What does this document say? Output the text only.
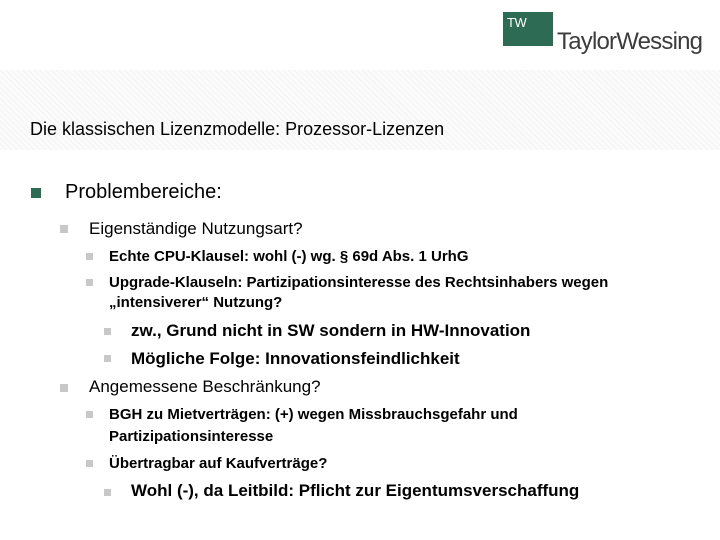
TW
TaylorWessing
Die klassischen Lizenzmodelle: Prozessor-Lizenzen
Problembereiche:
Eigenständige Nutzungsart?
Echte CPU-Klausel: wohl (-) wg. § 69d Abs. 1 UrhG
Upgrade-Klauseln: Partizipationsinteresse des Rechtsinhabers wegen
„intensiverer“ Nutzung?
zw., Grund nicht in SW sondern in HW-Innovation
Mögliche Folge: Innovationsfeindlichkeit
Angemessene Beschränkung?
BGH zu Mietverträgen: (+) wegen Missbrauchsgefahr und
Partizipationsinteresse
Übertragbar auf Kaufverträge?
Wohl (-), da Leitbild: Pflicht zur Eigentumsverschaffung
